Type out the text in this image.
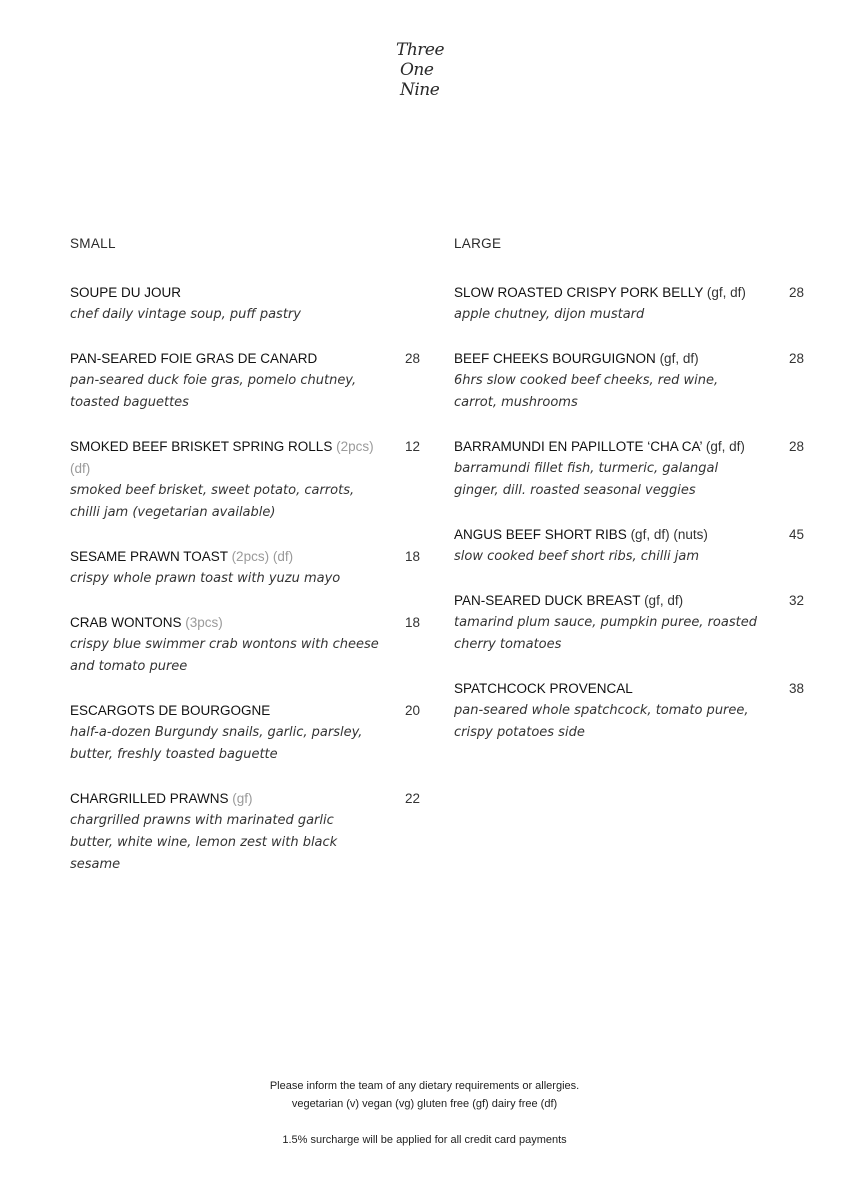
Three
One
Nine
SMALL
SOUPE DU JOUR
chef daily vintage soup, puff pastry
PAN-SEARED FOIE GRAS DE CANARD	28
pan-seared duck foie gras, pomelo chutney, toasted baguettes
SMOKED BEEF BRISKET SPRING ROLLS (2pcs) (df)
12
smoked beef brisket, sweet potato, carrots, chilli jam (vegetarian available)
SESAME PRAWN TOAST (2pcs) (df)	18
crispy whole prawn toast with yuzu mayo
CRAB WONTONS (3pcs)	18
crispy blue swimmer crab wontons with cheese and tomato puree
ESCARGOTS DE BOURGOGNE	20
half-a-dozen Burgundy snails, garlic, parsley, butter, freshly toasted baguette
CHARGRILLED PRAWNS (gf)	22
chargrilled prawns with marinated garlic butter, white wine, lemon zest with black sesame
LARGE
SLOW ROASTED CRISPY PORK BELLY (gf, df)	28
apple chutney, dijon mustard
BEEF CHEEKS BOURGUIGNON (gf, df)	28
6hrs slow cooked beef cheeks, red wine, carrot, mushrooms
BARRAMUNDI EN PAPILLOTE ‘CHA CA’ (gf, df)	28
barramundi fillet fish, turmeric, galangal ginger, dill. roasted seasonal veggies
ANGUS BEEF SHORT RIBS (gf, df) (nuts)	45
slow cooked beef short ribs, chilli jam
PAN-SEARED DUCK BREAST (gf, df)	32
tamarind plum sauce, pumpkin puree, roasted cherry tomatoes
SPATCHCOCK PROVENCAL	38
pan-seared whole spatchcock, tomato puree, crispy potatoes side

Please inform the team of any dietary requirements or allergies.

vegetarian (v) vegan (vg) gluten free (gf) dairy free (df)

1.5% surcharge will be applied for all credit card payments
